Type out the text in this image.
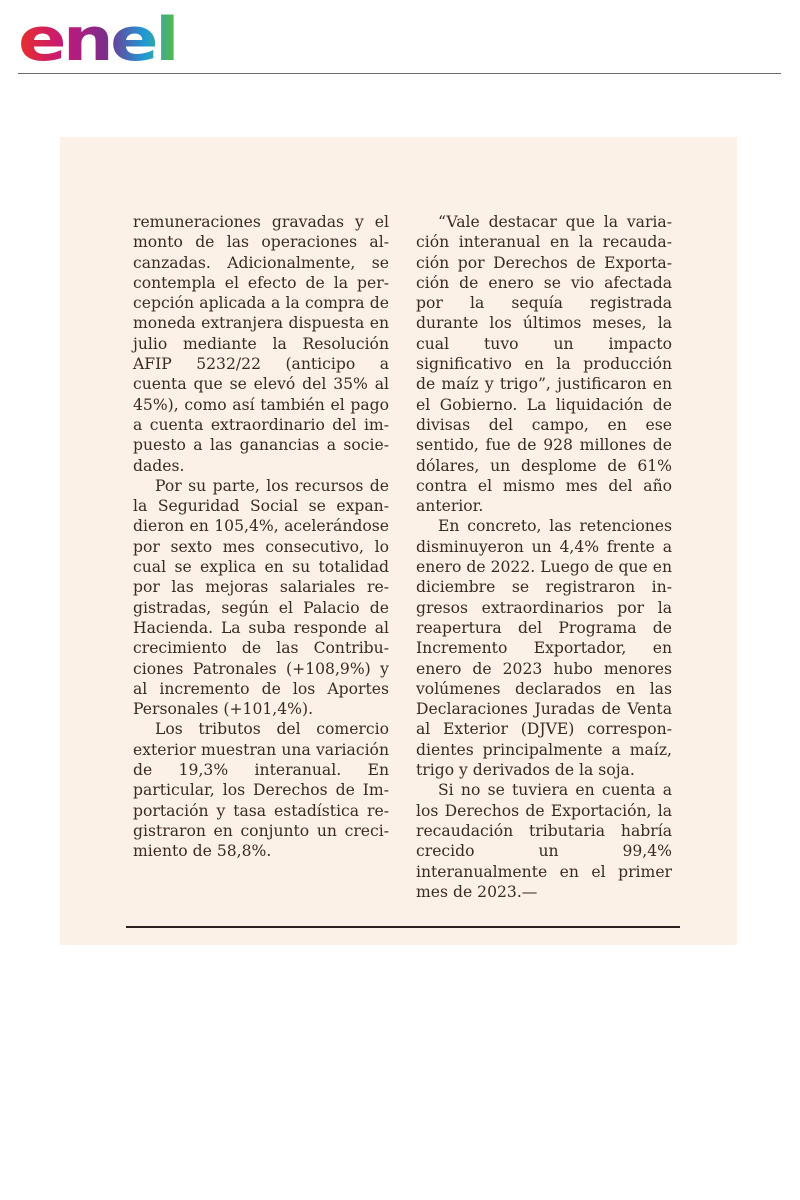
enel

remuneraciones gravadas y el monto de las operaciones alcanzadas. Adicionalmente, se contempla el efecto de la percepción aplicada a la compra de moneda extranjera dispuesta en julio mediante la Resolución AFIP 5232/22 (anticipo a cuenta que se elevó del 35% al 45%), como así también el pago a cuenta extraordinario del impuesto a las ganancias a sociedades.

Por su parte, los recursos de la Seguridad Social se expandieron en 105,4%, acelerándose por sexto mes consecutivo, lo cual se explica en su totalidad por las mejoras salariales registradas, según el Palacio de Hacienda. La suba responde al crecimiento de las Contribuciones Patronales (+108,9%) y al incremento de los Aportes Personales (+101,4%).

Los tributos del comercio exterior muestran una variación de 19,3% interanual. En particular, los Derechos de Importación y tasa estadística registraron en conjunto un crecimiento de 58,8%.

“Vale destacar que la variación interanual en la recaudación por Derechos de Exportación de enero se vio afectada por la sequía registrada durante los últimos meses, la cual tuvo un impacto significativo en la producción de maíz y trigo”, justificaron en el Gobierno. La liquidación de divisas del campo, en ese sentido, fue de 928 millones de dólares, un desplome de 61% contra el mismo mes del año anterior.

En concreto, las retenciones disminuyeron un 4,4% frente a enero de 2022. Luego de que en diciembre se registraron ingresos extraordinarios por la reapertura del Programa de Incremento Exportador, en enero de 2023 hubo menores volúmenes declarados en las Declaraciones Juradas de Venta al Exterior (DJVE) correspondientes principalmente a maíz, trigo y derivados de la soja.

Si no se tuviera en cuenta a los Derechos de Exportación, la recaudación tributaria habría crecido un 99,4% interanualmente en el primer mes de 2023.—
